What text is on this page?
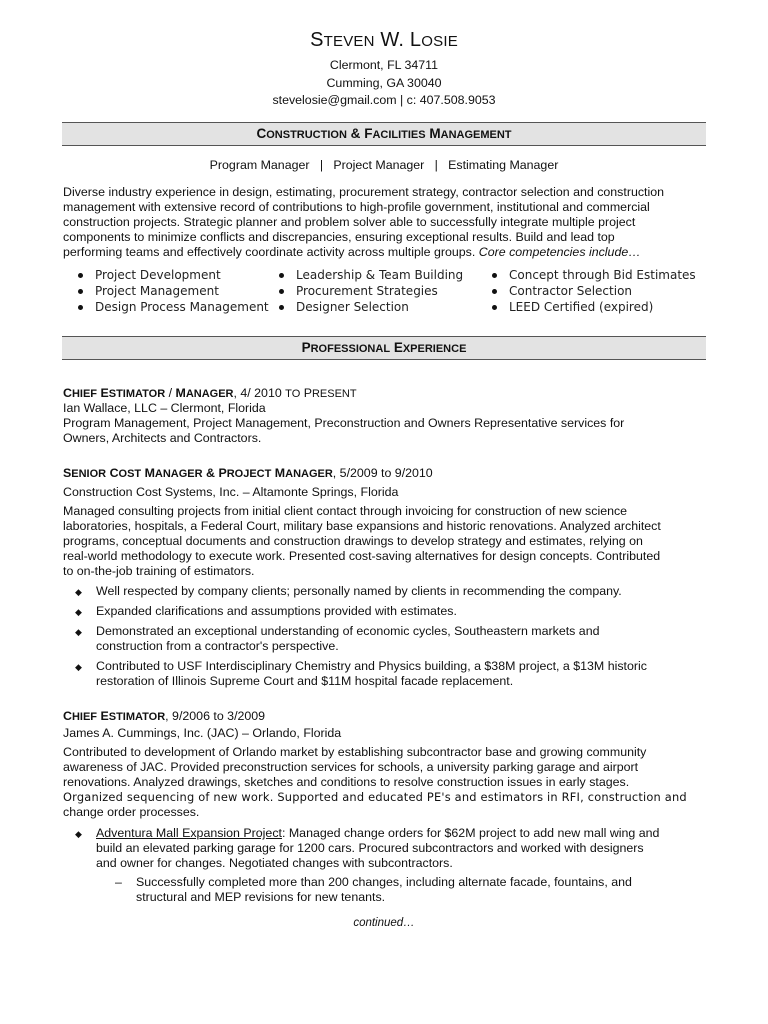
STEVEN W. LOSIE
Clermont, FL 34711
Cumming, GA 30040
stevelosie@gmail.com | c: 407.508.9053
CONSTRUCTION & FACILITIES MANAGEMENT
Program Manager   |   Project Manager   |   Estimating Manager
Diverse industry experience in design, estimating, procurement strategy, contractor selection and construction
management with extensive record of contributions to high-profile government, institutional and commercial
construction projects. Strategic planner and problem solver able to successfully integrate multiple project
components to minimize conflicts and discrepancies, ensuring exceptional results. Build and lead top
performing teams and effectively coordinate activity across multiple groups. Core competencies include…
Project Development
Project Management
Design Process Management
Leadership & Team Building
Procurement Strategies
Designer Selection
Concept through Bid Estimates
Contractor Selection
LEED Certified (expired)
PROFESSIONAL EXPERIENCE
CHIEF ESTIMATOR / MANAGER, 4/ 2010 TO PRESENT
Ian Wallace, LLC – Clermont, Florida
Program Management, Project Management, Preconstruction and Owners Representative services for
Owners, Architects and Contractors.
SENIOR COST MANAGER & PROJECT MANAGER, 5/2009 to 9/2010
Construction Cost Systems, Inc. – Altamonte Springs, Florida
Managed consulting projects from initial client contact through invoicing for construction of new science
laboratories, hospitals, a Federal Court, military base expansions and historic renovations. Analyzed architect
programs, conceptual documents and construction drawings to develop strategy and estimates, relying on
real-world methodology to execute work. Presented cost-saving alternatives for design concepts. Contributed
to on-the-job training of estimators.
◆ Well respected by company clients; personally named by clients in recommending the company.
◆ Expanded clarifications and assumptions provided with estimates.
◆ Demonstrated an exceptional understanding of economic cycles, Southeastern markets and
construction from a contractor's perspective.
◆ Contributed to USF Interdisciplinary Chemistry and Physics building, a $38M project, a $13M historic
restoration of Illinois Supreme Court and $11M hospital facade replacement.
CHIEF ESTIMATOR, 9/2006 to 3/2009
James A. Cummings, Inc. (JAC) – Orlando, Florida
Contributed to development of Orlando market by establishing subcontractor base and growing community
awareness of JAC. Provided preconstruction services for schools, a university parking garage and airport
renovations. Analyzed drawings, sketches and conditions to resolve construction issues in early stages.
Organized sequencing of new work. Supported and educated PE's and estimators in RFI, construction and
change order processes.
◆ Adventura Mall Expansion Project: Managed change orders for $62M project to add new mall wing and
build an elevated parking garage for 1200 cars. Procured subcontractors and worked with designers
and owner for changes. Negotiated changes with subcontractors.
– Successfully completed more than 200 changes, including alternate facade, fountains, and
structural and MEP revisions for new tenants.
continued…
